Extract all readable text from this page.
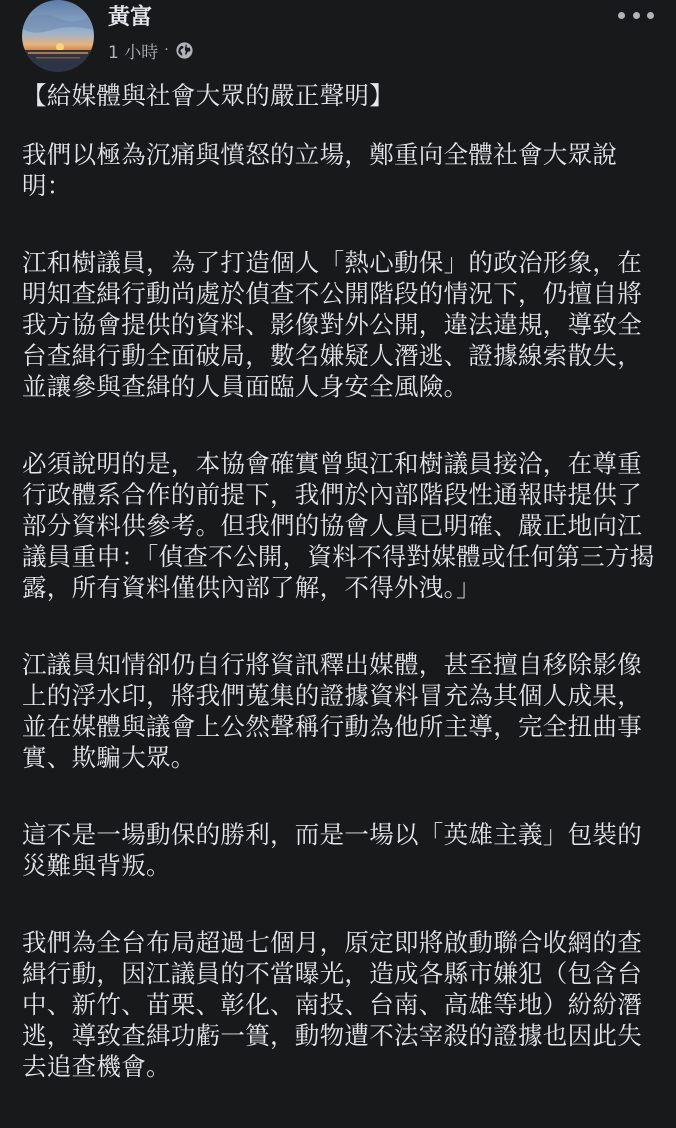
黃富
1 小時 ·

【給媒體與社會大眾的嚴正聲明】

我們以極為沉痛與憤怒的立場，鄭重向全體社會大眾說明：

江和樹議員，為了打造個人「熱心動保」的政治形象，在明知查緝行動尚處於偵查不公開階段的情況下，仍擅自將我方協會提供的資料、影像對外公開，違法違規，導致全台查緝行動全面破局，數名嫌疑人潛逃、證據線索散失，並讓參與查緝的人員面臨人身安全風險。

必須說明的是，本協會確實曾與江和樹議員接洽，在尊重行政體系合作的前提下，我們於內部階段性通報時提供了部分資料供參考。但我們的協會人員已明確、嚴正地向江議員重申：「偵查不公開，資料不得對媒體或任何第三方揭露，所有資料僅供內部了解，不得外洩。」

江議員知情卻仍自行將資訊釋出媒體，甚至擅自移除影像上的浮水印，將我們蒐集的證據資料冒充為其個人成果，並在媒體與議會上公然聲稱行動為他所主導，完全扭曲事實、欺騙大眾。

這不是一場動保的勝利，而是一場以「英雄主義」包裝的災難與背叛。

我們為全台布局超過七個月，原定即將啟動聯合收網的查緝行動，因江議員的不當曝光，造成各縣市嫌犯（包含台中、新竹、苗栗、彰化、南投、台南、高雄等地）紛紛潛逃，導致查緝功虧一簣，動物遭不法宰殺的證據也因此失去追查機會。
